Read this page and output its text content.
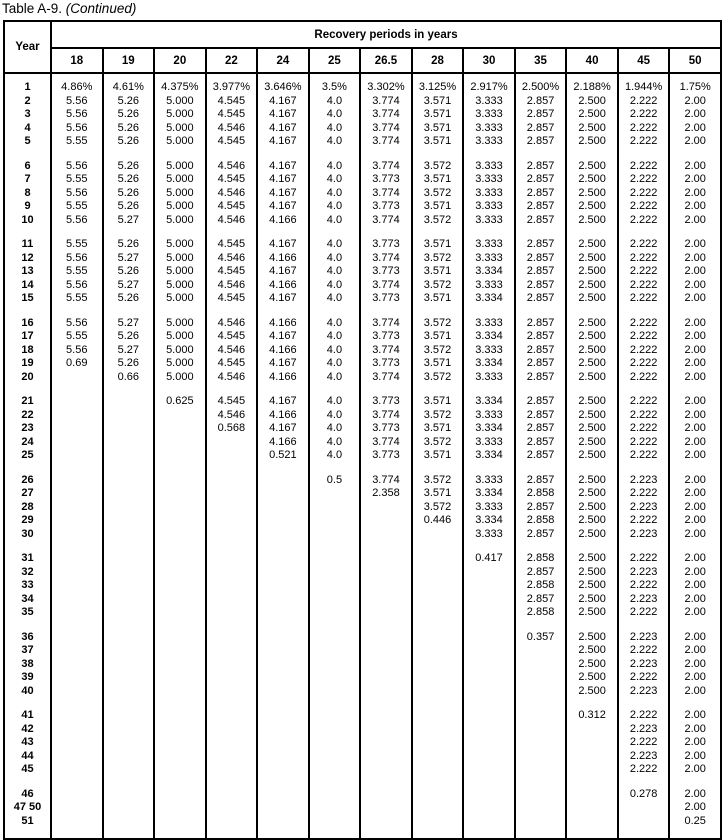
Table A-9. (Continued)
Year	Recovery periods in years												
	18	19	20	22	24	25	26.5	28	30	35	40	45	50

1	4.86%	4.61%	4.375%	3.977%	3.646%	3.5%	3.302%	3.125%	2.917%	2.500%	2.188%	1.944%	1.75%
2	5.56	5.26	5.000	4.545	4.167	4.0	3.774	3.571	3.333	2.857	2.500	2.222	2.00
3	5.56	5.26	5.000	4.545	4.167	4.0	3.774	3.571	3.333	2.857	2.500	2.222	2.00
4	5.56	5.26	5.000	4.546	4.167	4.0	3.774	3.571	3.333	2.857	2.500	2.222	2.00
5	5.55	5.26	5.000	4.545	4.167	4.0	3.774	3.571	3.333	2.857	2.500	2.222	2.00

6	5.56	5.26	5.000	4.546	4.167	4.0	3.774	3.572	3.333	2.857	2.500	2.222	2.00
7	5.55	5.26	5.000	4.545	4.167	4.0	3.773	3.571	3.333	2.857	2.500	2.222	2.00
8	5.56	5.26	5.000	4.546	4.167	4.0	3.774	3.572	3.333	2.857	2.500	2.222	2.00
9	5.55	5.26	5.000	4.545	4.167	4.0	3.773	3.571	3.333	2.857	2.500	2.222	2.00
10	5.56	5.27	5.000	4.546	4.166	4.0	3.774	3.572	3.333	2.857	2.500	2.222	2.00

11	5.55	5.26	5.000	4.545	4.167	4.0	3.773	3.571	3.333	2.857	2.500	2.222	2.00
12	5.56	5.27	5.000	4.546	4.166	4.0	3.774	3.572	3.333	2.857	2.500	2.222	2.00
13	5.55	5.26	5.000	4.545	4.167	4.0	3.773	3.571	3.334	2.857	2.500	2.222	2.00
14	5.56	5.27	5.000	4.546	4.166	4.0	3.774	3.572	3.333	2.857	2.500	2.222	2.00
15	5.55	5.26	5.000	4.545	4.167	4.0	3.773	3.571	3.334	2.857	2.500	2.222	2.00

16	5.56	5.27	5.000	4.546	4.166	4.0	3.774	3.572	3.333	2.857	2.500	2.222	2.00
17	5.55	5.26	5.000	4.545	4.167	4.0	3.773	3.571	3.334	2.857	2.500	2.222	2.00
18	5.56	5.27	5.000	4.546	4.166	4.0	3.774	3.572	3.333	2.857	2.500	2.222	2.00
19	0.69	5.26	5.000	4.545	4.167	4.0	3.773	3.571	3.334	2.857	2.500	2.222	2.00
20		0.66	5.000	4.546	4.166	4.0	3.774	3.572	3.333	2.857	2.500	2.222	2.00

21			0.625	4.545	4.167	4.0	3.773	3.571	3.334	2.857	2.500	2.222	2.00
22				4.546	4.166	4.0	3.774	3.572	3.333	2.857	2.500	2.222	2.00
23				0.568	4.167	4.0	3.773	3.571	3.334	2.857	2.500	2.222	2.00
24					4.166	4.0	3.774	3.572	3.333	2.857	2.500	2.222	2.00
25					0.521	4.0	3.773	3.571	3.334	2.857	2.500	2.222	2.00

26						0.5	3.774	3.572	3.333	2.857	2.500	2.223	2.00
27							2.358	3.571	3.334	2.858	2.500	2.222	2.00
28								3.572	3.333	2.857	2.500	2.223	2.00
29								0.446	3.334	2.858	2.500	2.222	2.00
30									3.333	2.857	2.500	2.223	2.00

31									0.417	2.858	2.500	2.222	2.00
32										2.857	2.500	2.223	2.00
33										2.858	2.500	2.222	2.00
34										2.857	2.500	2.223	2.00
35										2.858	2.500	2.222	2.00

36										0.357	2.500	2.223	2.00
37											2.500	2.222	2.00
38											2.500	2.223	2.00
39											2.500	2.222	2.00
40											2.500	2.223	2.00

41											0.312	2.222	2.00
42												2.223	2.00
43												2.222	2.00
44												2.223	2.00
45												2.222	2.00

46												0.278	2.00
47 50													2.00
51													0.25
